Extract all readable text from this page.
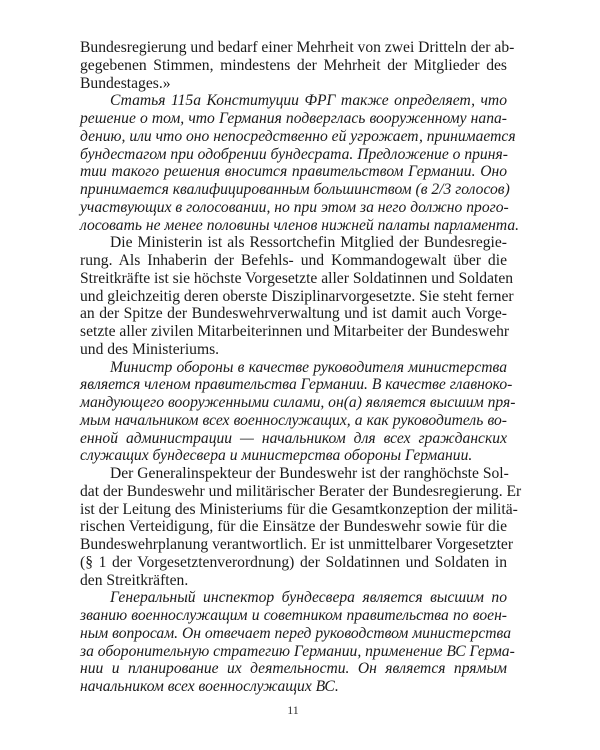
Bundesregierung und bedarf einer Mehrheit von zwei Dritteln der ab-
gegebenen Stimmen, mindestens der Mehrheit der Mitglieder des
Bundestages.»
Статья 115а Конституции ФРГ также определяет, что
решение о том, что Германия подверглась вооруженному напа-
дению, или что оно непосредственно ей угрожает, принимается
бундестагом при одобрении бундесрата. Предложение о приня-
тии такого решения вносится правительством Германии. Оно
принимается квалифицированным большинством (в 2/3 голосов)
участвующих в голосовании, но при этом за него должно прого-
лосовать не менее половины членов нижней палаты парламента.
Die Ministerin ist als Ressortchefin Mitglied der Bundesregie-
rung. Als Inhaberin der Befehls- und Kommandogewalt über die
Streitkräfte ist sie höchste Vorgesetzte aller Soldatinnen und Soldaten
und gleichzeitig deren oberste Disziplinarvorgesetzte. Sie steht ferner
an der Spitze der Bundeswehrverwaltung und ist damit auch Vorge-
setzte aller zivilen Mitarbeiterinnen und Mitarbeiter der Bundeswehr
und des Ministeriums.
Министр обороны в качестве руководителя министерства
является членом правительства Германии. В качестве главноко-
мандующего вооруженными силами, он(а) является высшим пря-
мым начальником всех военнослужащих, а как руководитель во-
енной администрации — начальником для всех гражданских
служащих бундесвера и министерства обороны Германии.
Der Generalinspekteur der Bundeswehr ist der ranghöchste Sol-
dat der Bundeswehr und militärischer Berater der Bundesregierung. Er
ist der Leitung des Ministeriums für die Gesamtkonzeption der militä-
rischen Verteidigung, für die Einsätze der Bundeswehr sowie für die
Bundeswehrplanung verantwortlich. Er ist unmittelbarer Vorgesetzter
(§ 1 der Vorgesetztenverordnung) der Soldatinnen und Soldaten in
den Streitkräften.
Генеральный инспектор бундесвера является высшим по
званию военнослужащим и советником правительства по воен-
ным вопросам. Он отвечает перед руководством министерства
за оборонительную стратегию Германии, применение ВС Герма-
нии и планирование их деятельности. Он является прямым
начальником всех военнослужащих ВС.
11
